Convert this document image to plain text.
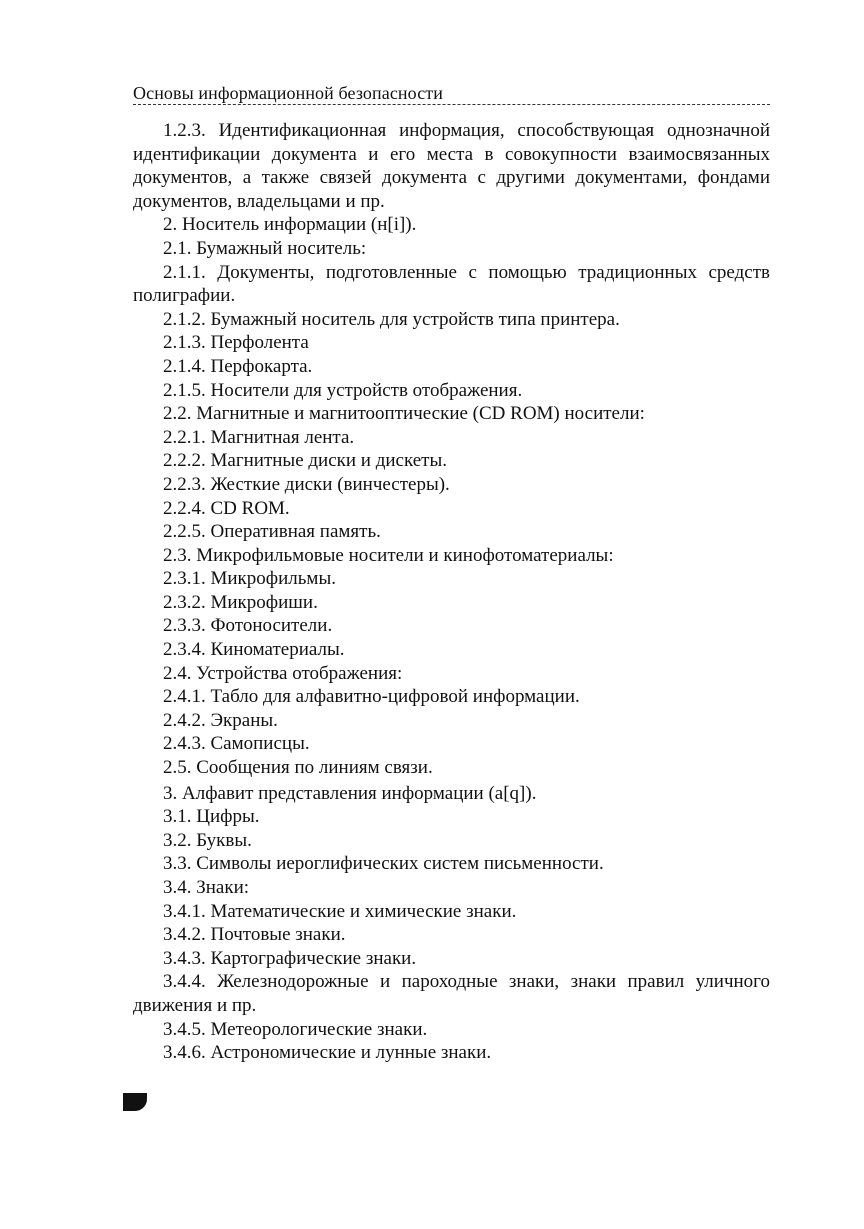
Основы информационной безопасности

1.2.3. Идентификационная информация, способствующая однозначной идентификации документа и его места в совокупности взаимосвязанных документов, а также связей документа с другими документами, фондами документов, владельцами и пр.

2. Носитель информации (н[i]).

2.1. Бумажный носитель:

2.1.1. Документы, подготовленные с помощью традиционных средств полиграфии.

2.1.2. Бумажный носитель для устройств типа принтера.

2.1.3. Перфолента

2.1.4. Перфокарта.

2.1.5. Носители для устройств отображения.

2.2. Магнитные и магнитооптические (CD ROM) носители:

2.2.1. Магнитная лента.

2.2.2. Магнитные диски и дискеты.

2.2.3. Жесткие диски (винчестеры).

2.2.4. CD ROM.

2.2.5. Оперативная память.

2.3. Микрофильмовые носители и кинофотоматериалы:

2.3.1. Микрофильмы.

2.3.2. Микрофиши.

2.3.3. Фотоносители.

2.3.4. Киноматериалы.

2.4. Устройства отображения:

2.4.1. Табло для алфавитно-цифровой информации.

2.4.2. Экраны.

2.4.3. Самописцы.

2.5. Сообщения по линиям связи.

3. Алфавит представления информации (a[q]).

3.1. Цифры.

3.2. Буквы.

3.3. Символы иероглифических систем письменности.

3.4. Знаки:

3.4.1. Математические и химические знаки.

3.4.2. Почтовые знаки.

3.4.3. Картографические знаки.

3.4.4. Железнодорожные и пароходные знаки, знаки правил уличного движения и пр.

3.4.5. Метеорологические знаки.

3.4.6. Астрономические и лунные знаки.
